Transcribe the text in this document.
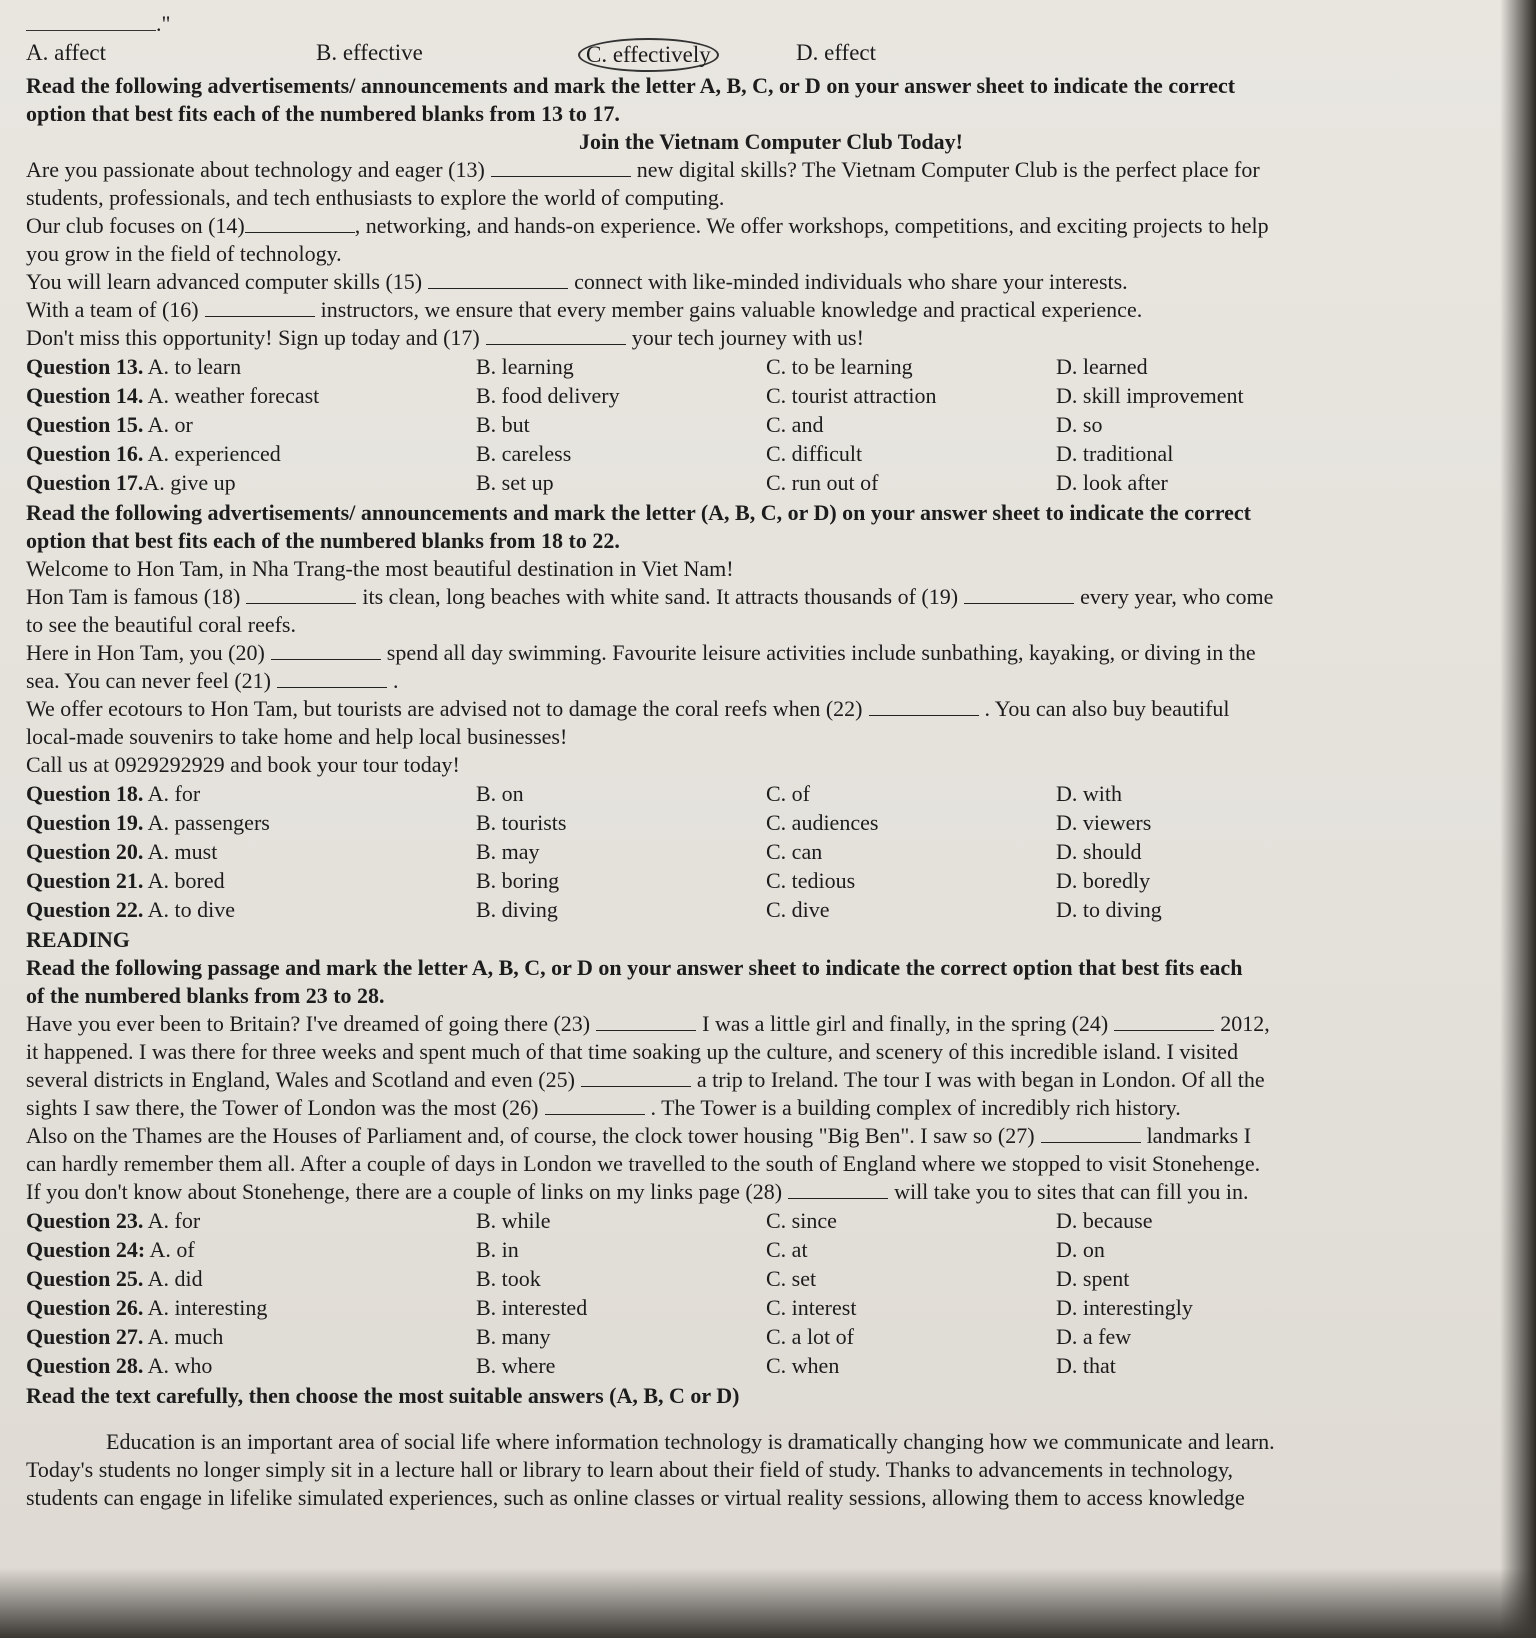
."
A. affect	B. effective	C. effectively	D. effect
Read the following advertisements/ announcements and mark the letter A, B, C, or D on your answer sheet to indicate the correct
option that best fits each of the numbered blanks from 13 to 17.
Join the Vietnam Computer Club Today!
Are you passionate about technology and eager (13)	new digital skills? The Vietnam Computer Club is the perfect place for
students, professionals, and tech enthusiasts to explore the world of computing.
Our club focuses on (14)	, networking, and hands-on experience. We offer workshops, competitions, and exciting projects to help
you grow in the field of technology.
You will learn advanced computer skills (15)	connect with like-minded individuals who share your interests.
With a team of (16)	instructors, we ensure that every member gains valuable knowledge and practical experience.
Don't miss this opportunity! Sign up today and (17)	your tech journey with us!
Question 13. A. to learn	B. learning	C. to be learning	D. learned
Question 14. A. weather forecast	B. food delivery	C. tourist attraction	D. skill improvement
Question 15. A. or	B. but	C. and	D. so
Question 16. A. experienced	B. careless	C. difficult	D. traditional
Question 17.A. give up	B. set up	C. run out of	D. look after
Read the following advertisements/ announcements and mark the letter (A, B, C, or D) on your answer sheet to indicate the correct
option that best fits each of the numbered blanks from 18 to 22.
Welcome to Hon Tam, in Nha Trang-the most beautiful destination in Viet Nam!
Hon Tam is famous (18)	its clean, long beaches with white sand. It attracts thousands of (19)	every year, who come
to see the beautiful coral reefs.
Here in Hon Tam, you (20)	spend all day swimming. Favourite leisure activities include sunbathing, kayaking, or diving in the
sea. You can never feel (21)	.
We offer ecotours to Hon Tam, but tourists are advised not to damage the coral reefs when (22)	. You can also buy beautiful
local-made souvenirs to take home and help local businesses!
Call us at 0929292929 and book your tour today!
Question 18. A. for	B. on	C. of	D. with
Question 19. A. passengers	B. tourists	C. audiences	D. viewers
Question 20. A. must	B. may	C. can	D. should
Question 21. A. bored	B. boring	C. tedious	D. boredly
Question 22. A. to dive	B. diving	C. dive	D. to diving
READING
Read the following passage and mark the letter A, B, C, or D on your answer sheet to indicate the correct option that best fits each
of the numbered blanks from 23 to 28.
Have you ever been to Britain? I've dreamed of going there (23)	I was a little girl and finally, in the spring (24)	2012,
it happened. I was there for three weeks and spent much of that time soaking up the culture, and scenery of this incredible island. I visited
several districts in England, Wales and Scotland and even (25)	a trip to Ireland. The tour I was with began in London. Of all the
sights I saw there, the Tower of London was the most (26)	. The Tower is a building complex of incredibly rich history.
Also on the Thames are the Houses of Parliament and, of course, the clock tower housing "Big Ben". I saw so (27)	landmarks I
can hardly remember them all. After a couple of days in London we travelled to the south of England where we stopped to visit Stonehenge.
If you don't know about Stonehenge, there are a couple of links on my links page (28)	will take you to sites that can fill you in.
Question 23. A. for	B. while	C. since	D. because
Question 24: A. of	B. in	C. at	D. on
Question 25. A. did	B. took	C. set	D. spent
Question 26. A. interesting	B. interested	C. interest	D. interestingly
Question 27. A. much	B. many	C. a lot of	D. a few
Question 28. A. who	B. where	C. when	D. that
Read the text carefully, then choose the most suitable answers (A, B, C or D)
Education is an important area of social life where information technology is dramatically changing how we communicate and learn.
Today's students no longer simply sit in a lecture hall or library to learn about their field of study. Thanks to advancements in technology,
students can engage in lifelike simulated experiences, such as online classes or virtual reality sessions, allowing them to access knowledge
